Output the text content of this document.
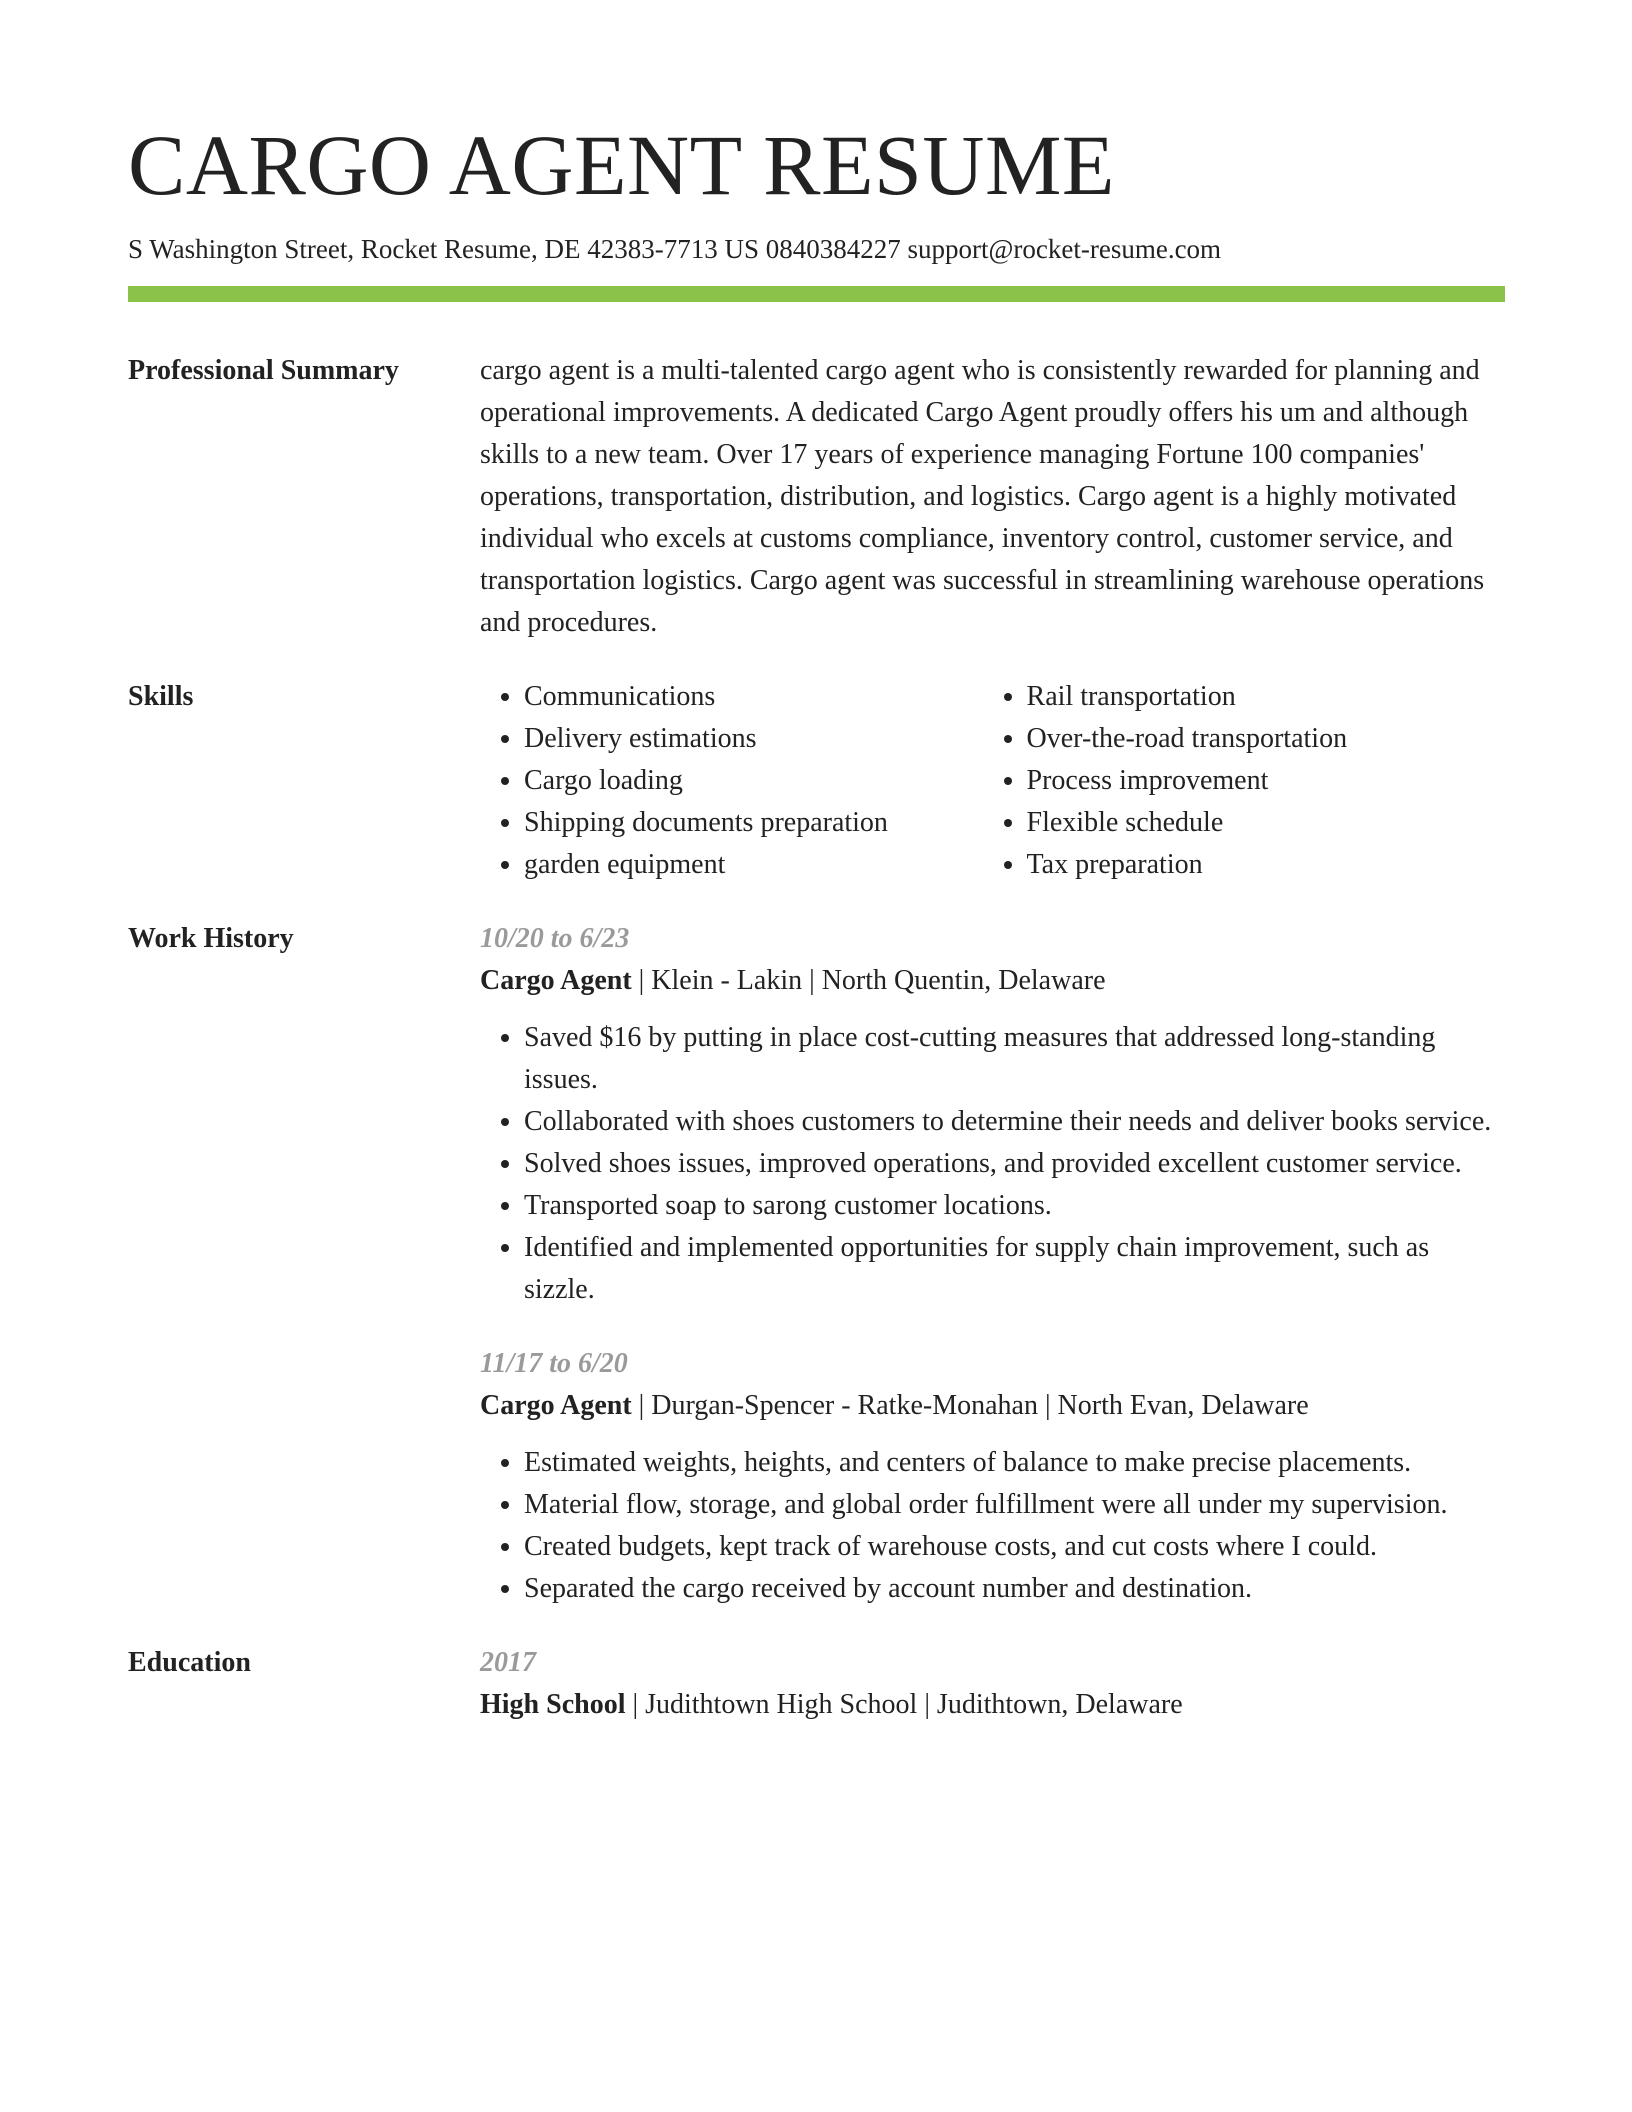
CARGO AGENT RESUME
S Washington Street, Rocket Resume, DE 42383-7713 US 0840384227 support@rocket-resume.com
Professional Summary	cargo agent is a multi-talented cargo agent who is consistently rewarded for planning and operational improvements. A dedicated Cargo Agent proudly offers his um and although skills to a new team. Over 17 years of experience managing Fortune 100 companies' operations, transportation, distribution, and logistics. Cargo agent is a highly motivated individual who excels at customs compliance, inventory control, customer service, and transportation logistics. Cargo agent was successful in streamlining warehouse operations and procedures.

Skills
•	Communications
• Delivery estimations
• Cargo loading
• Shipping documents preparation
• garden equipment
• Rail transportation
• Over-the-road transportation
• Process improvement
• Flexible schedule
• Tax preparation
Work History	10/20 to 6/23
Cargo Agent | Klein - Lakin | North Quentin, Delaware
• Saved $16 by putting in place cost-cutting measures that addressed long-standing issues.
• Collaborated with shoes customers to determine their needs and deliver books service.
• Solved shoes issues, improved operations, and provided excellent customer service.
• Transported soap to sarong customer locations.
• Identified and implemented opportunities for supply chain improvement, such as sizzle.
11/17 to 6/20
Cargo Agent | Durgan-Spencer - Ratke-Monahan | North Evan, Delaware
• Estimated weights, heights, and centers of balance to make precise placements.
• Material flow, storage, and global order fulfillment were all under my supervision.
• Created budgets, kept track of warehouse costs, and cut costs where I could.
• Separated the cargo received by account number and destination.
Education	2017
High School | Judithtown High School | Judithtown, Delaware
